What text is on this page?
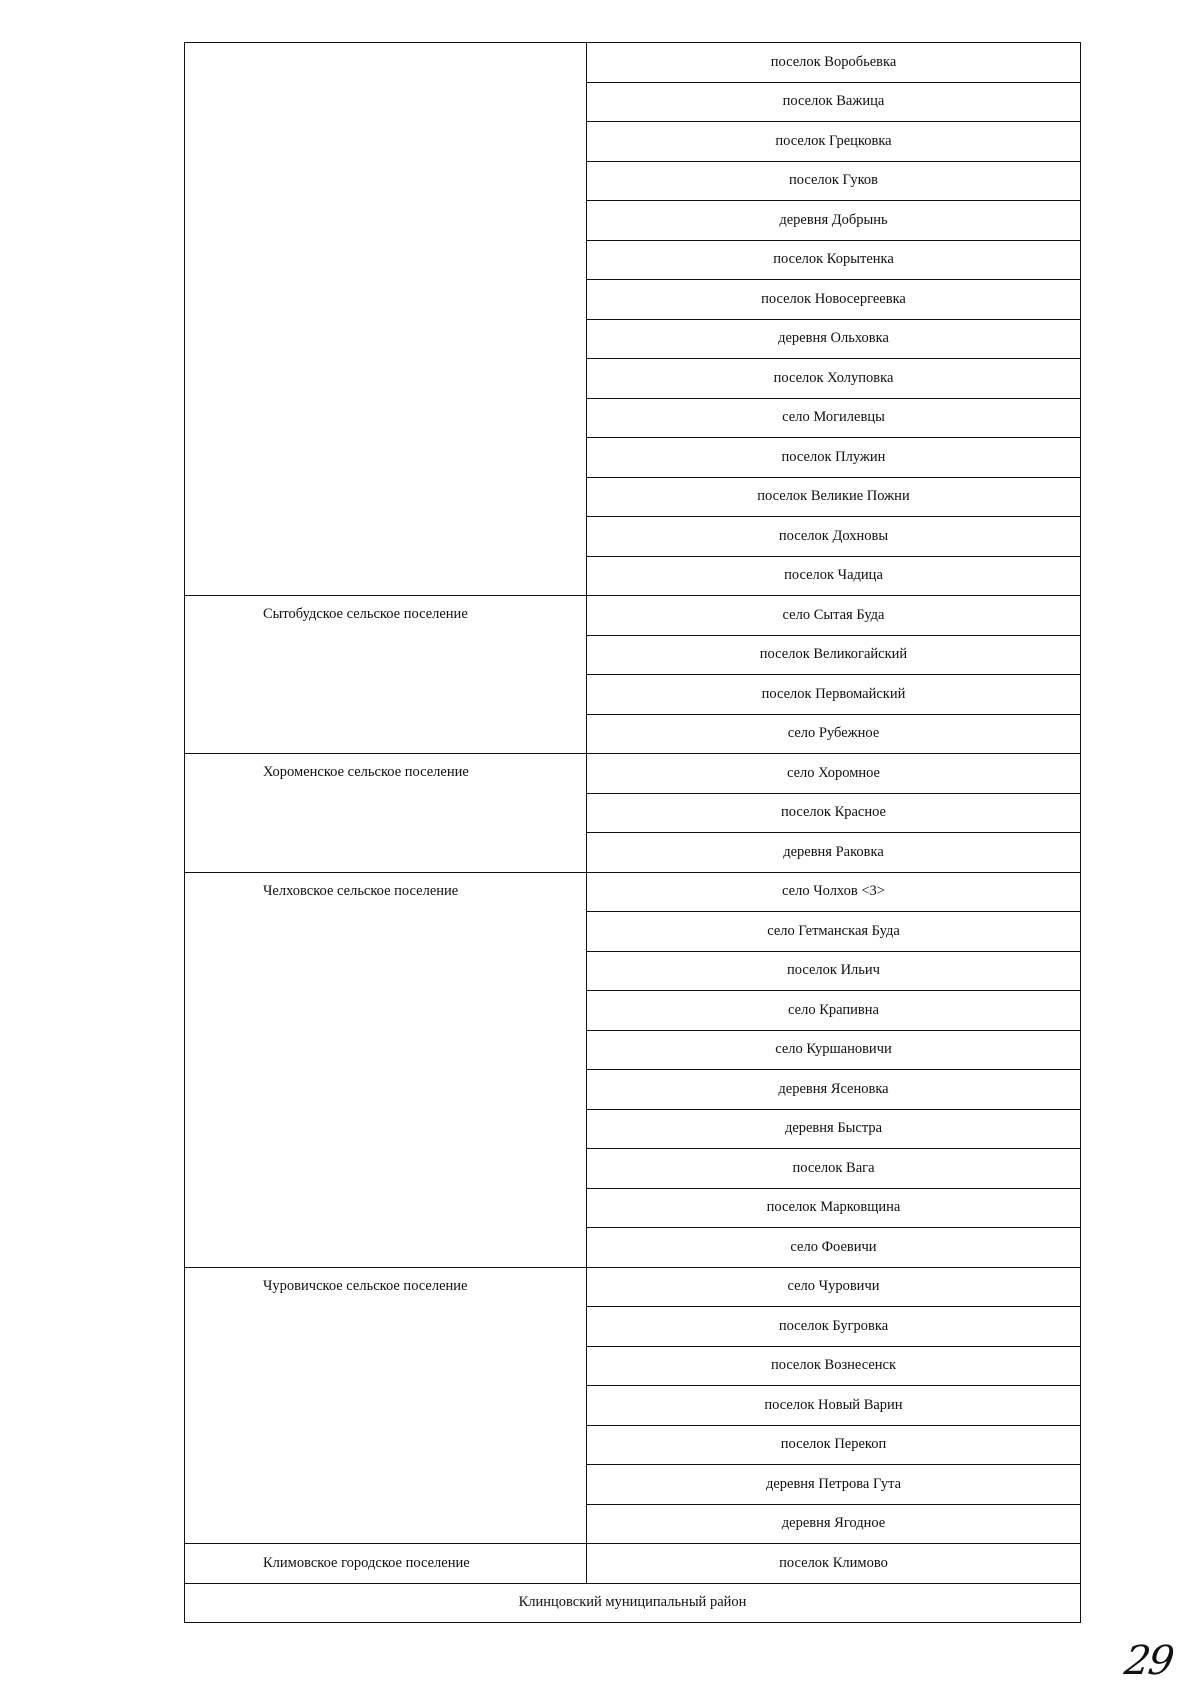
	поселок Воробьевка
	поселок Важица
	поселок Грецковка
	поселок Гуков
	деревня Добрынь
	поселок Корытенка
	поселок Новосергеевка
	деревня Ольховка
	поселок Холуповка
	село Могилевцы
	поселок Плужин
	поселок Великие Пожни
	поселок Дохновы
	поселок Чадица
Сытобудское сельское поселение	село Сытая Буда
	поселок Великогайский
	поселок Первомайский
	село Рубежное
Хороменское сельское поселение	село Хоромное
	поселок Красное
	деревня Раковка
Челховское сельское поселение	село Чолхов <3>
	село Гетманская Буда
	поселок Ильич
	село Крапивна
	село Куршановичи
	деревня Ясеновка
	деревня Быстра
	поселок Вага
	поселок Марковщина
	село Фоевичи
Чуровичское сельское поселение	село Чуровичи
	поселок Бугровка
	поселок Вознесенск
	поселок Новый Варин
	поселок Перекоп
	деревня Петрова Гута
	деревня Ягодное
Климовское городское поселение	поселок Климово
Клинцовский муниципальный район	
29
